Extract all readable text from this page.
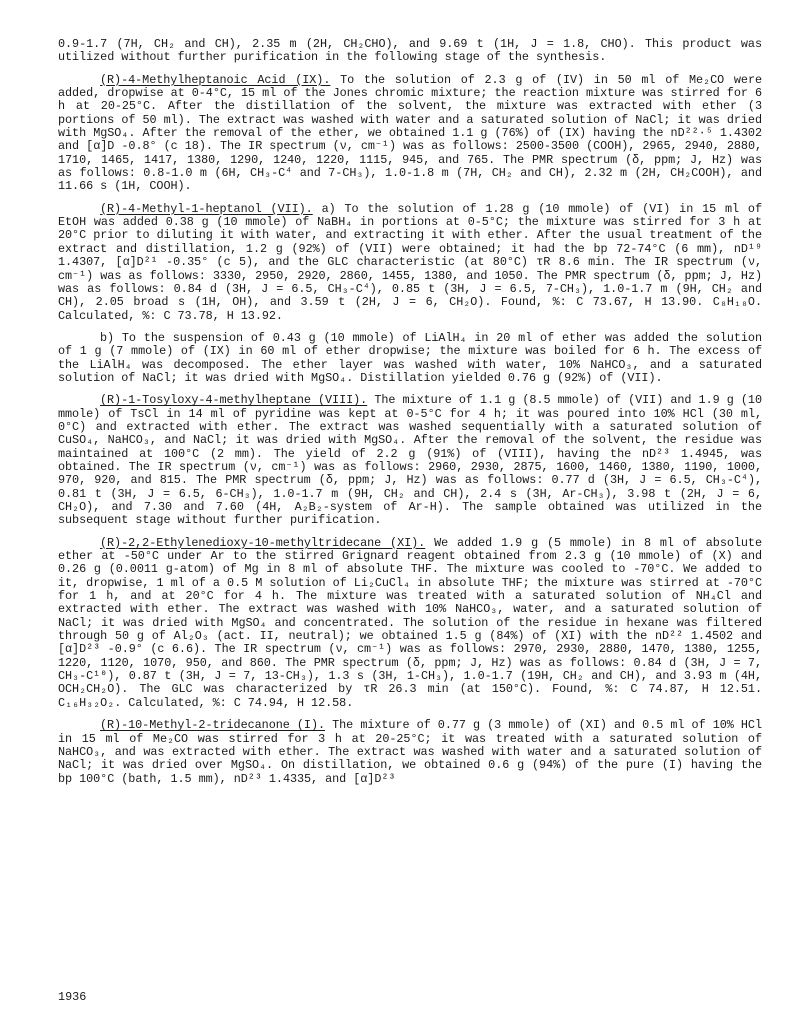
0.9-1.7 (7H, CH₂ and CH), 2.35 m (2H, CH₂CHO), and 9.69 t (1H, J = 1.8, CHO). This product was utilized without further purification in the following stage of the synthesis.

(R)-4-Methylheptanoic Acid (IX).

To the solution of 2.3 g of (IV) in 50 ml of Me₂CO were added, dropwise at 0-4°C, 15 ml of the Jones chromic mixture; the reaction mixture was stirred for 6 h at 20-25°C. After the distillation of the solvent, the mixture was extracted with ether (3 portions of 50 ml). The extract was washed with water and a saturated solution of NaCl; it was dried with MgSO₄. After the removal of the ether, we obtained 1.1 g (76%) of (IX) having the nD²²·⁵ 1.4302 and [α]D -0.8° (c 18). The IR spectrum (ν, cm⁻¹) was as follows: 2500-3500 (COOH), 2965, 2940, 2880, 1710, 1465, 1417, 1380, 1290, 1240, 1220, 1115, 945, and 765. The PMR spectrum (δ, ppm; J, Hz) was as follows: 0.8-1.0 m (6H, CH₃-C⁴ and 7-CH₃), 1.0-1.8 m (7H, CH₂ and CH), 2.32 m (2H, CH₂COOH), and 11.66 s (1H, COOH).

(R)-4-Methyl-1-heptanol (VII).

a) To the solution of 1.28 g (10 mmole) of (VI) in 15 ml of EtOH was added 0.38 g (10 mmole) of NaBH₄ in portions at 0-5°C; the mixture was stirred for 3 h at 20°C prior to diluting it with water, and extracting it with ether. After the usual treatment of the extract and distillation, 1.2 g (92%) of (VII) were obtained; it had the bp 72-74°C (6 mm), nD¹⁹ 1.4307, [α]D²¹ -0.35° (c 5), and the GLC characteristic (at 80°C) τR 8.6 min. The IR spectrum (ν, cm⁻¹) was as follows: 3330, 2950, 2920, 2860, 1455, 1380, and 1050. The PMR spectrum (δ, ppm; J, Hz) was as follows: 0.84 d (3H, J = 6.5, CH₃-C⁴), 0.85 t (3H, J = 6.5, 7-CH₃), 1.0-1.7 m (9H, CH₂ and CH), 2.05 broad s (1H, OH), and 3.59 t (2H, J = 6, CH₂O). Found, %: C 73.67, H 13.90. C₈H₁₈O. Calculated, %: C 73.78, H 13.92.

b) To the suspension of 0.43 g (10 mmole) of LiAlH₄ in 20 ml of ether was added the solution of 1 g (7 mmole) of (IX) in 60 ml of ether dropwise; the mixture was boiled for 6 h. The excess of the LiAlH₄ was decomposed. The ether layer was washed with water, 10% NaHCO₃, and a saturated solution of NaCl; it was dried with MgSO₄. Distillation yielded 0.76 g (92%) of (VII).

(R)-1-Tosyloxy-4-methylheptane (VIII).

The mixture of 1.1 g (8.5 mmole) of (VII) and 1.9 g (10 mmole) of TsCl in 14 ml of pyridine was kept at 0-5°C for 4 h; it was poured into 10% HCl (30 ml, 0°C) and extracted with ether. The extract was washed sequentially with a saturated solution of CuSO₄, NaHCO₃, and NaCl; it was dried with MgSO₄. After the removal of the solvent, the residue was maintained at 100°C (2 mm). The yield of 2.2 g (91%) of (VIII), having the nD²³ 1.4945, was obtained. The IR spectrum (ν, cm⁻¹) was as follows: 2960, 2930, 2875, 1600, 1460, 1380, 1190, 1000, 970, 920, and 815. The PMR spectrum (δ, ppm; J, Hz) was as follows: 0.77 d (3H, J = 6.5, CH₃-C⁴), 0.81 t (3H, J = 6.5, 6-CH₃), 1.0-1.7 m (9H, CH₂ and CH), 2.4 s (3H, Ar-CH₃), 3.98 t (2H, J = 6, CH₂O), and 7.30 and 7.60 (4H, A₂B₂-system of Ar-H). The sample obtained was utilized in the subsequent stage without further purification.

(R)-2,2-Ethylenedioxy-10-methyltridecane (XI).

We added 1.9 g (5 mmole) in 8 ml of absolute ether at -50°C under Ar to the stirred Grignard reagent obtained from 2.3 g (10 mmole) of (X) and 0.26 g (0.0011 g-atom) of Mg in 8 ml of absolute THF. The mixture was cooled to -70°C. We added to it, dropwise, 1 ml of a 0.5 M solution of Li₂CuCl₄ in absolute THF; the mixture was stirred at -70°C for 1 h, and at 20°C for 4 h. The mixture was treated with a saturated solution of NH₄Cl and extracted with ether. The extract was washed with 10% NaHCO₃, water, and a saturated solution of NaCl; it was dried with MgSO₄ and concentrated. The solution of the residue in hexane was filtered through 50 g of Al₂O₃ (act. II, neutral); we obtained 1.5 g (84%) of (XI) with the nD²² 1.4502 and [α]D²³ -0.9° (c 6.6). The IR spectrum (ν, cm⁻¹) was as follows: 2970, 2930, 2880, 1470, 1380, 1255, 1220, 1120, 1070, 950, and 860. The PMR spectrum (δ, ppm; J, Hz) was as follows: 0.84 d (3H, J = 7, CH₃-C¹⁰), 0.87 t (3H, J = 7, 13-CH₃), 1.3 s (3H, 1-CH₃), 1.0-1.7 (19H, CH₂ and CH), and 3.93 m (4H, OCH₂CH₂O). The GLC was characterized by τR 26.3 min (at 150°C). Found, %: C 74.87, H 12.51. C₁₆H₃₂O₂. Calculated, %: C 74.94, H 12.58.

(R)-10-Methyl-2-tridecanone (I).

The mixture of 0.77 g (3 mmole) of (XI) and 0.5 ml of 10% HCl in 15 ml of Me₂CO was stirred for 3 h at 20-25°C; it was treated with a saturated solution of NaHCO₃, and was extracted with ether. The extract was washed with water and a saturated solution of NaCl; it was dried over MgSO₄. On distillation, we obtained 0.6 g (94%) of the pure (I) having the bp 100°C (bath, 1.5 mm), nD²³ 1.4335, and [α]D²³

1936
